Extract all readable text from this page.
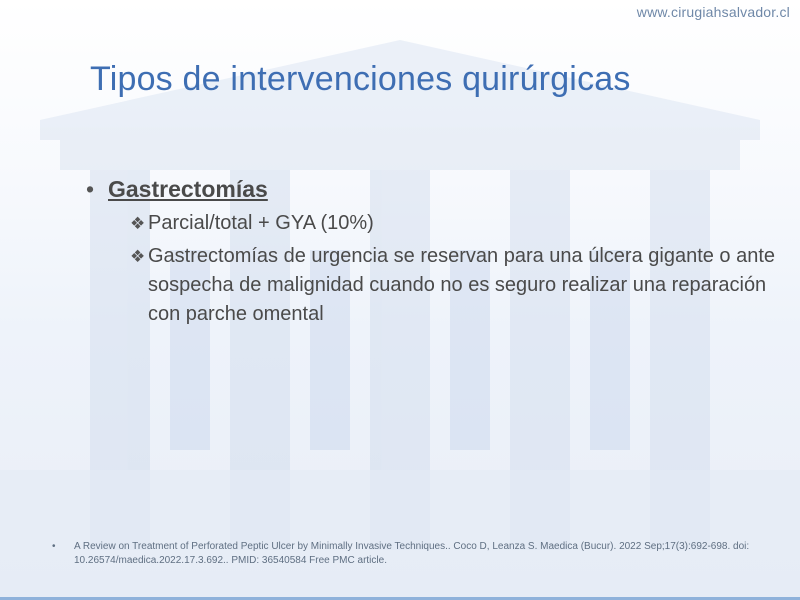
www.cirugiahsalvador.cl
Tipos de intervenciones quirúrgicas
• Gastrectomías
❖ Parcial/total + GYA (10%)
❖ Gastrectomías de urgencia se reservan para una úlcera gigante o ante sospecha de malignidad cuando no es seguro realizar una reparación con parche omental
•	A Review on Treatment of Perforated Peptic Ulcer by Minimally Invasive Techniques.. Coco D, Leanza S. Maedica (Bucur). 2022 Sep;17(3):692-698. doi: 10.26574/maedica.2022.17.3.692.. PMID: 36540584 Free PMC article.
